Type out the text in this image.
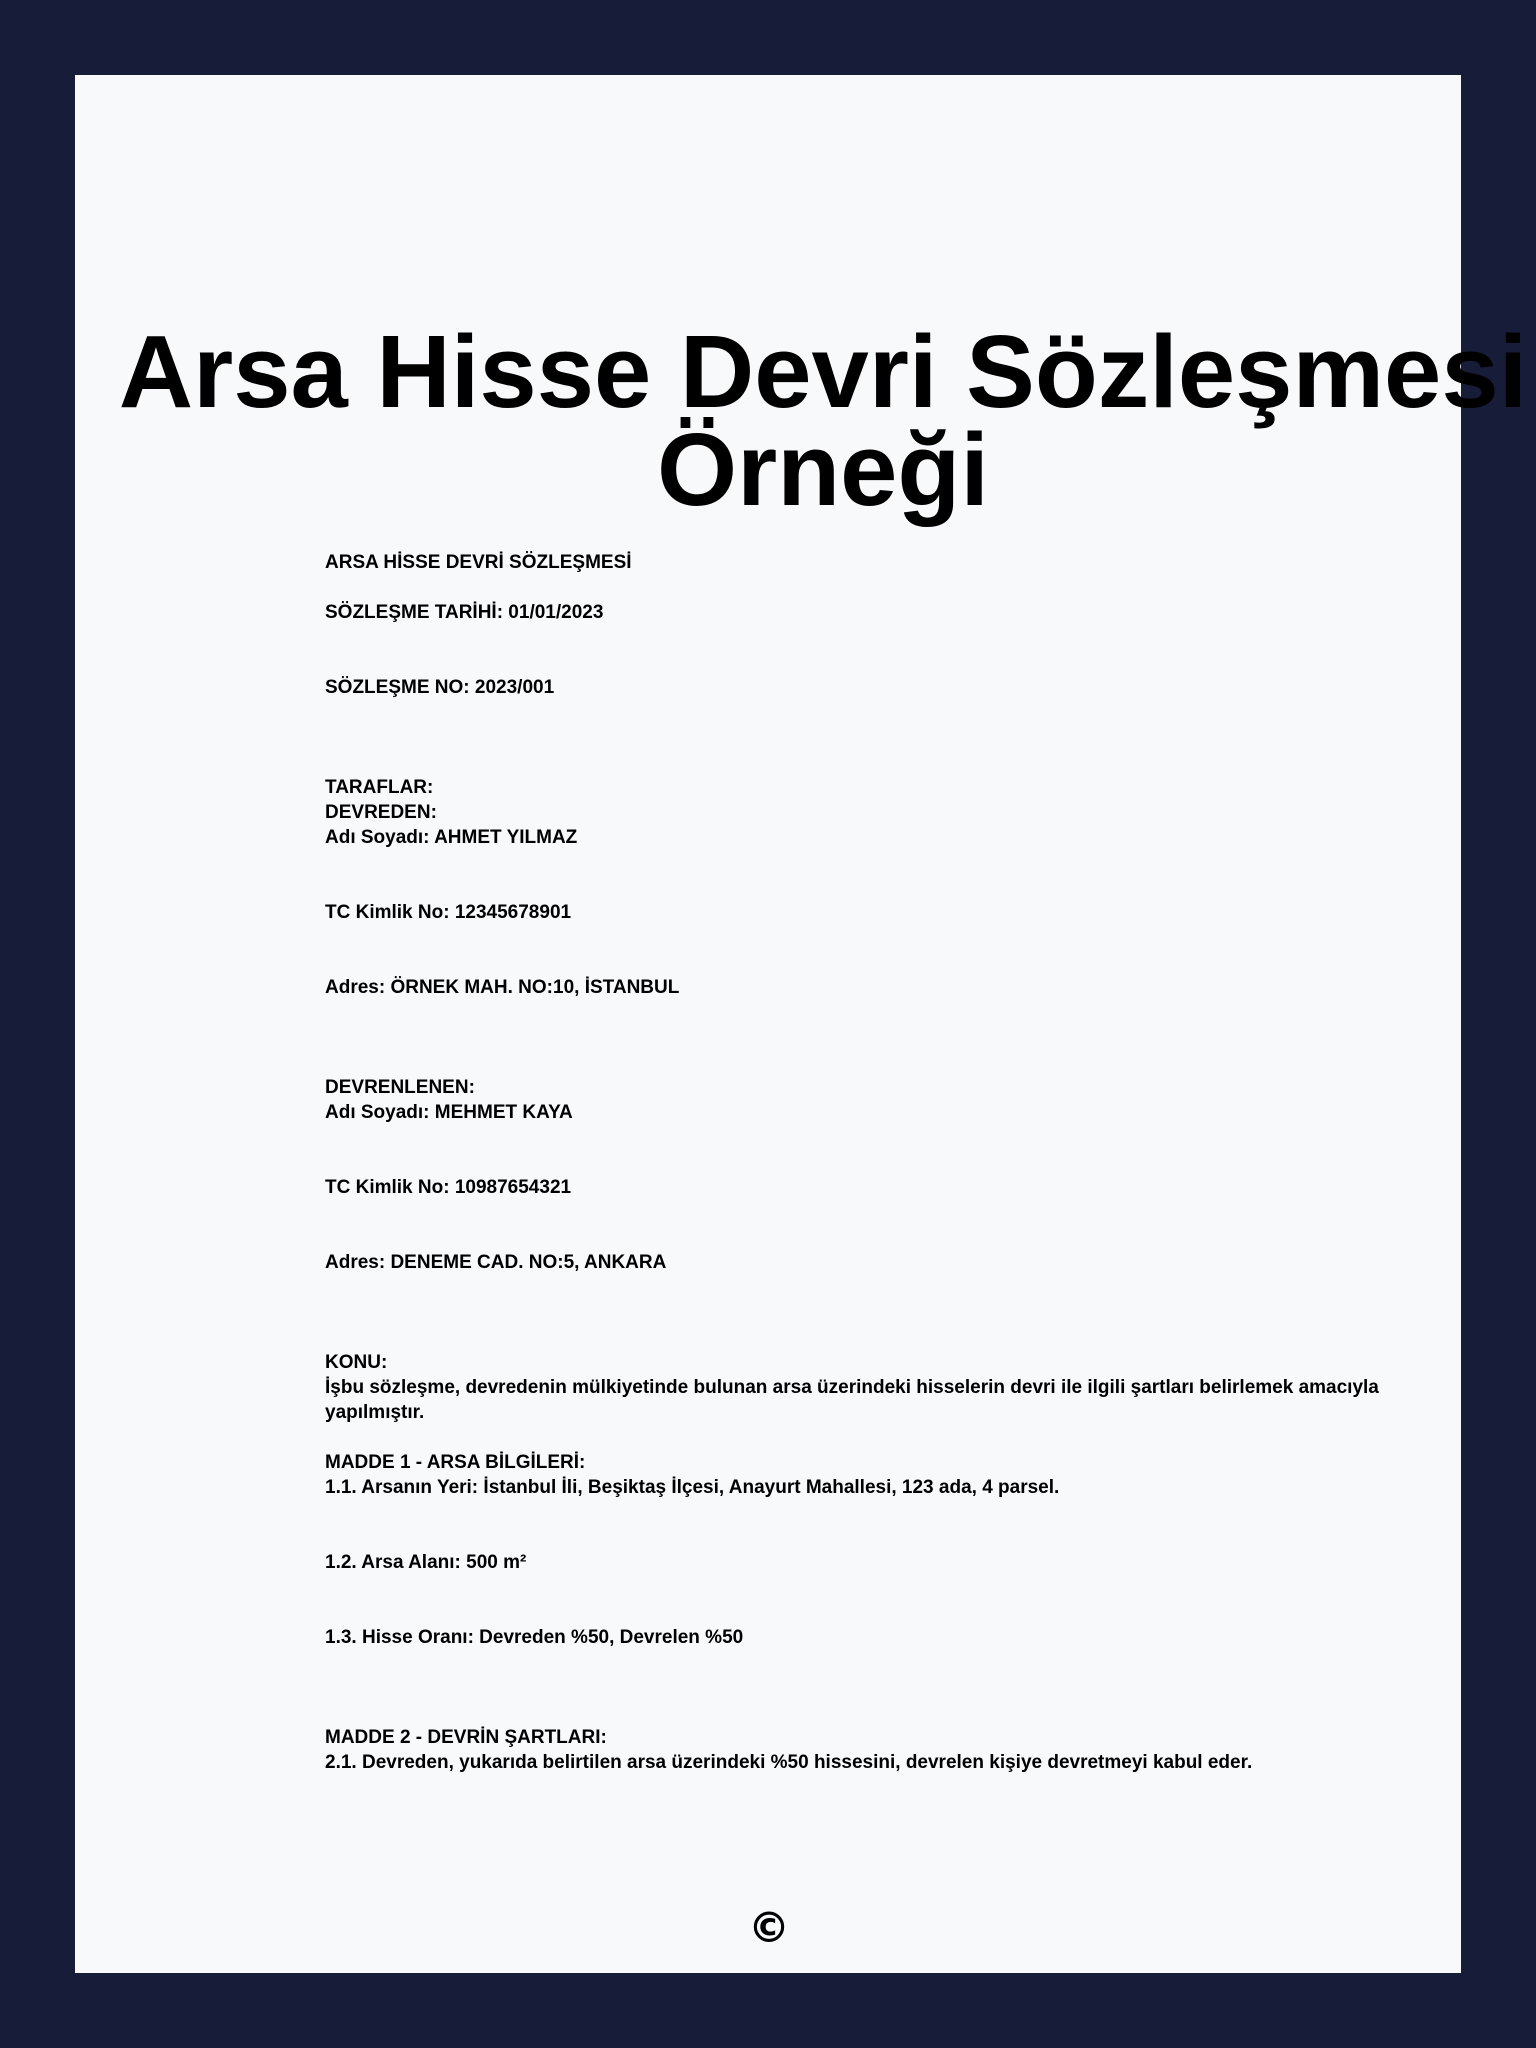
Arsa Hisse Devri Sözleşmesi Örneği
ARSA HİSSE DEVRİ SÖZLEŞMESİ
SÖZLEŞME TARİHİ: 01/01/2023
SÖZLEŞME NO: 2023/001
TARAFLAR:
DEVREDEN:
Adı Soyadı: AHMET YILMAZ
TC Kimlik No: 12345678901
Adres: ÖRNEK MAH. NO:10, İSTANBUL
DEVRENLENEN:
Adı Soyadı: MEHMET KAYA
TC Kimlik No: 10987654321
Adres: DENEME CAD. NO:5, ANKARA
KONU:
İşbu sözleşme, devredenin mülkiyetinde bulunan arsa üzerindeki hisselerin devri ile ilgili şartları belirlemek amacıyla yapılmıştır.
MADDE 1 - ARSA BİLGİLERİ:
1.1. Arsanın Yeri: İstanbul İli, Beşiktaş İlçesi, Anayurt Mahallesi, 123 ada, 4 parsel.
1.2. Arsa Alanı: 500 m²
1.3. Hisse Oranı: Devreden %50, Devrelen %50
MADDE 2 - DEVRİN ŞARTLARI:
2.1. Devreden, yukarıda belirtilen arsa üzerindeki %50 hissesini, devrelen kişiye devretmeyi kabul eder.
©
